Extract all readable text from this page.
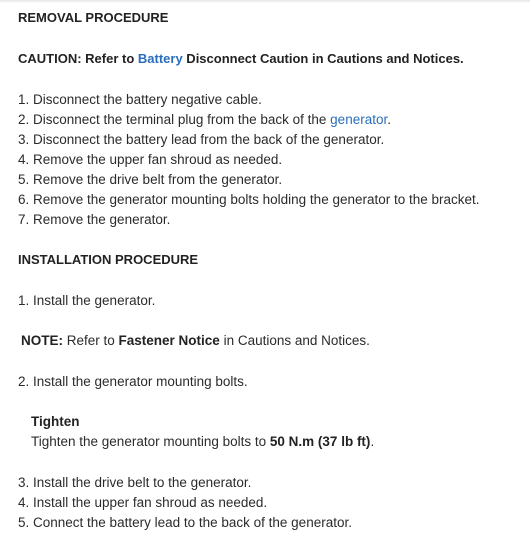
REMOVAL PROCEDURE
CAUTION: Refer to Battery Disconnect Caution in Cautions and Notices.
1. Disconnect the battery negative cable.
2. Disconnect the terminal plug from the back of the generator.
3. Disconnect the battery lead from the back of the generator.
4. Remove the upper fan shroud as needed.
5. Remove the drive belt from the generator.
6. Remove the generator mounting bolts holding the generator to the bracket.
7. Remove the generator.
INSTALLATION PROCEDURE
1. Install the generator.
NOTE: Refer to Fastener Notice in Cautions and Notices.
2. Install the generator mounting bolts.
Tighten
Tighten the generator mounting bolts to 50 N.m (37 lb ft).
3. Install the drive belt to the generator.
4. Install the upper fan shroud as needed.
5. Connect the battery lead to the back of the generator.
